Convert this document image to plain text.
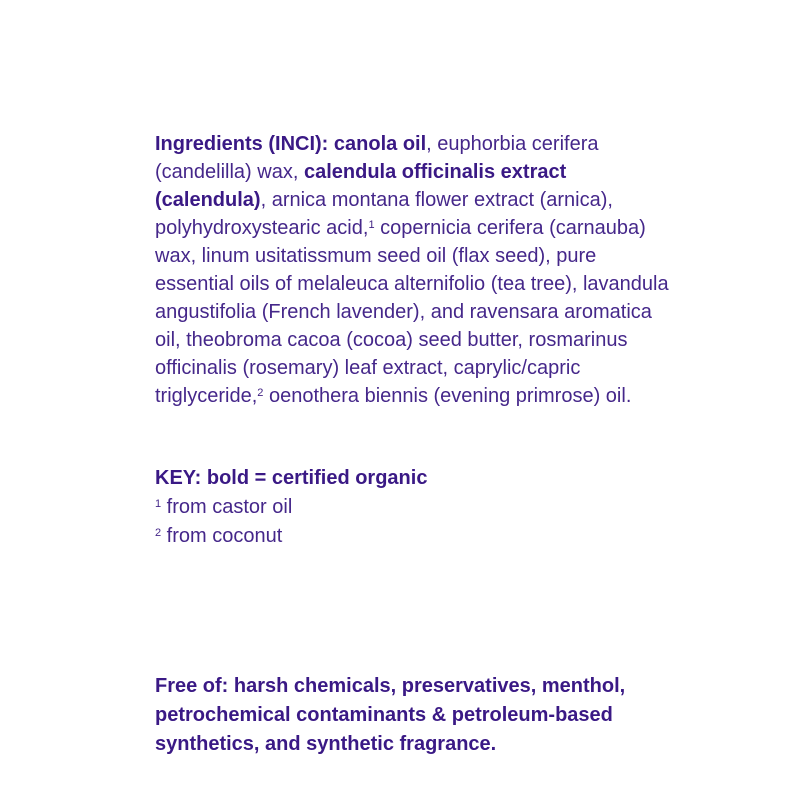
Ingredients (INCI): canola oil, euphorbia cerifera (candelilla) wax, calendula officinalis extract (calendula), arnica montana flower extract (arnica), polyhydroxystearic acid,$^1$ copernicia cerifera (carnauba) wax, linum usitatissmum seed oil (flax seed), pure essential oils of melaleuca alternifolio (tea tree), lavandula angustifolia (French lavender), and ravensara aromatica oil, theobroma cacoa (cocoa) seed butter, rosmarinus officinalis (rosemary) leaf extract, caprylic/capric triglyceride,$^2$ oenothera biennis (evening primrose) oil.

KEY: bold = certified organic
$^1$ from castor oil
$^2$ from coconut

Free of: harsh chemicals, preservatives, menthol, petrochemical contaminants & petroleum-based synthetics, and synthetic fragrance.
